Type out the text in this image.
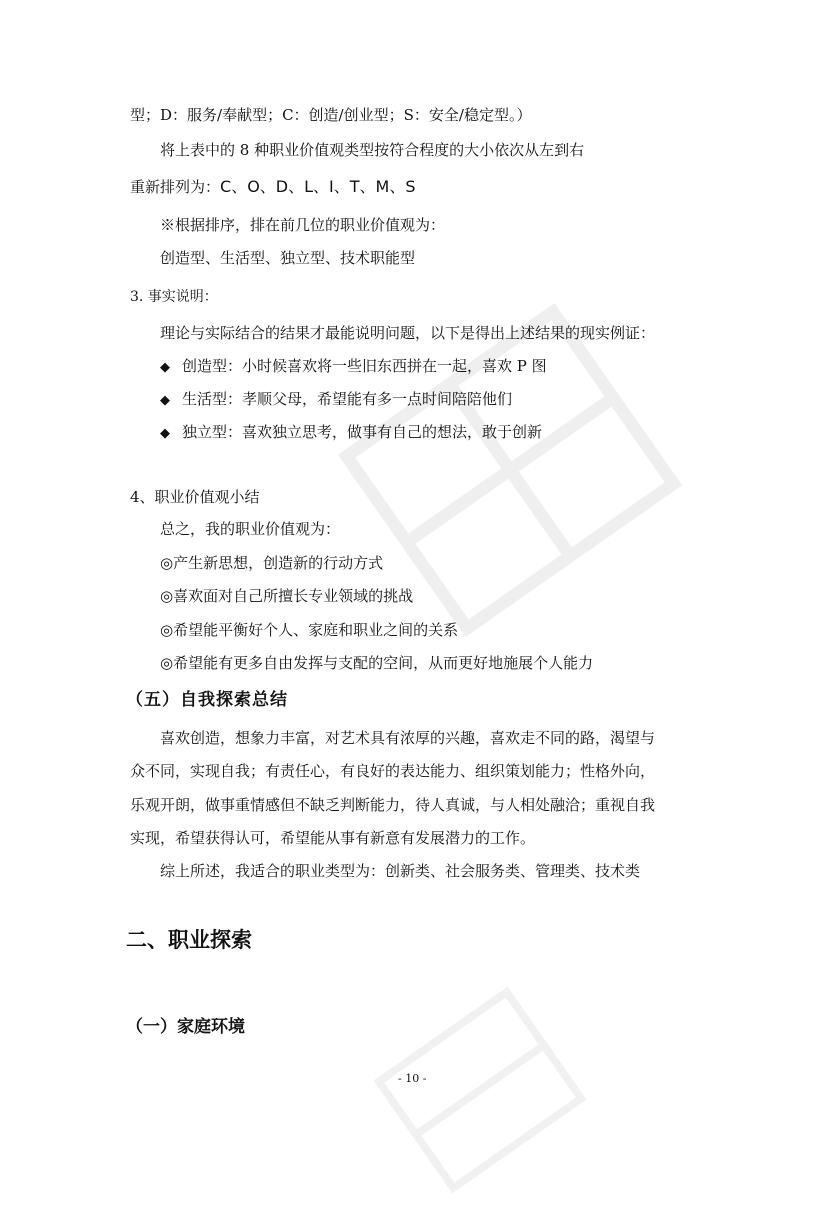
型；D：服务/奉献型；C：创造/创业型；S：安全/稳定型。）
将上表中的 8 种职业价值观类型按符合程度的大小依次从左到右
重新排列为：C、O、D、L、I、T、M、S
※根据排序，排在前几位的职业价值观为：
创造型、生活型、独立型、技术职能型
3. 事实说明：
理论与实际结合的结果才最能说明问题，以下是得出上述结果的现实例证：
◆ 创造型：小时候喜欢将一些旧东西拼在一起，喜欢 P 图
◆ 生活型：孝顺父母，希望能有多一点时间陪陪他们
◆ 独立型：喜欢独立思考，做事有自己的想法，敢于创新
4、职业价值观小结
总之，我的职业价值观为：
◎产生新思想，创造新的行动方式
◎喜欢面对自己所擅长专业领域的挑战
◎希望能平衡好个人、家庭和职业之间的关系
◎希望能有更多自由发挥与支配的空间，从而更好地施展个人能力
（五）自我探索总结
喜欢创造，想象力丰富，对艺术具有浓厚的兴趣，喜欢走不同的路，渴望与
众不同，实现自我；有责任心，有良好的表达能力、组织策划能力；性格外向，
乐观开朗，做事重情感但不缺乏判断能力，待人真诚，与人相处融洽；重视自我
实现，希望获得认可，希望能从事有新意有发展潜力的工作。
综上所述，我适合的职业类型为：创新类、社会服务类、管理类、技术类
二、职业探索
（一）家庭环境
- 10 -
